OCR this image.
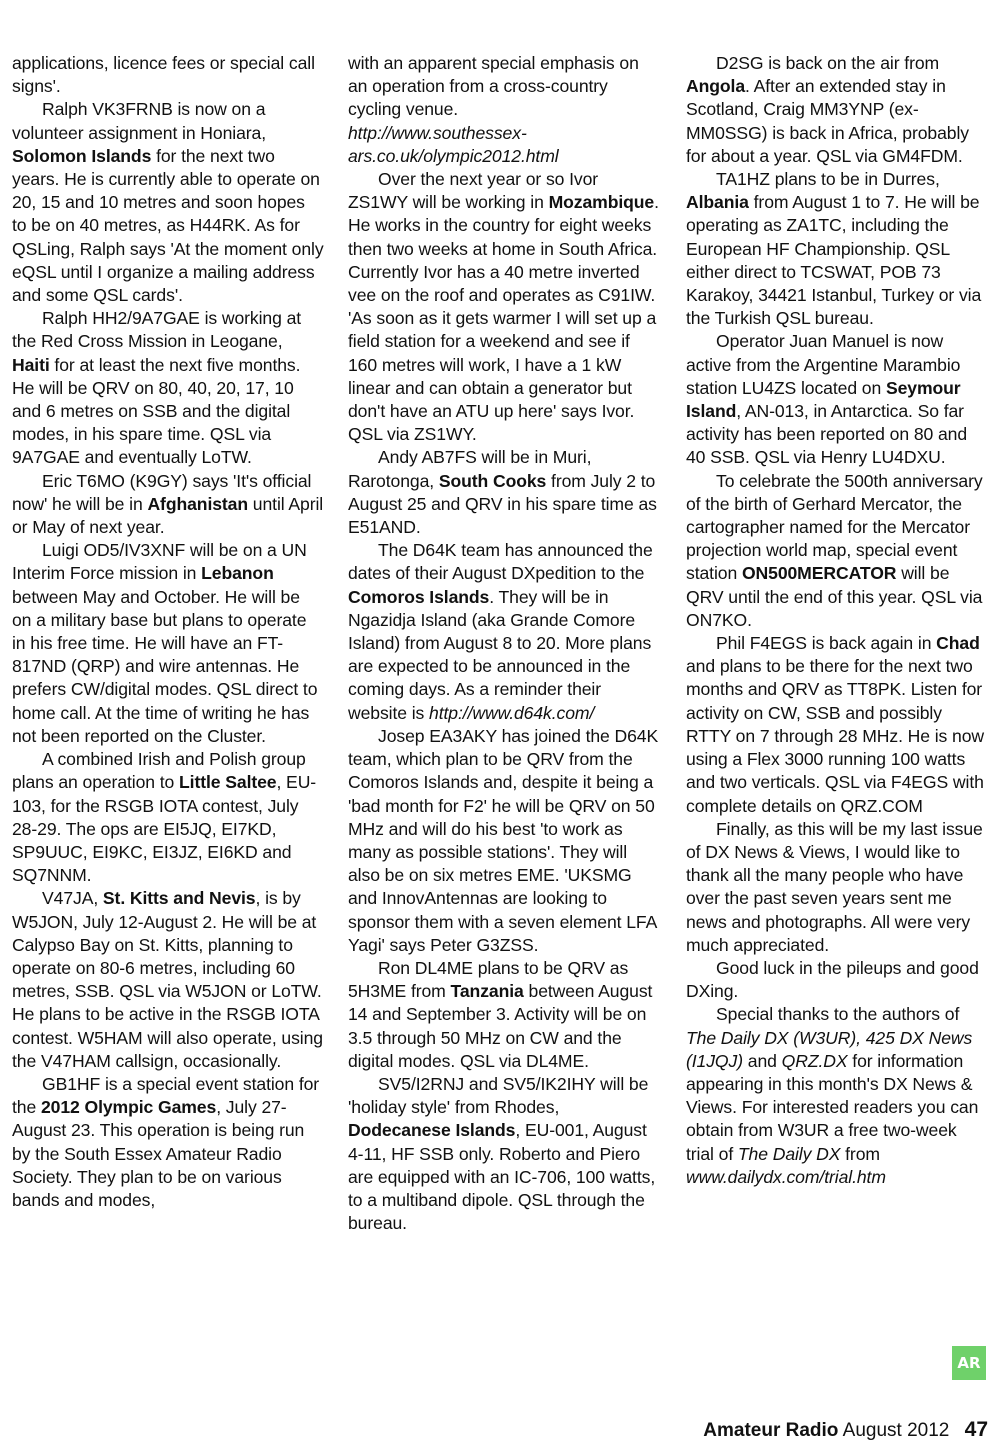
applications, licence fees or special call signs'.

Ralph VK3FRNB is now on a volunteer assignment in Honiara, Solomon Islands for the next two years. He is currently able to operate on 20, 15 and 10 metres and soon hopes to be on 40 metres, as H44RK. As for QSLing, Ralph says 'At the moment only eQSL until I organize a mailing address and some QSL cards'.

Ralph HH2/9A7GAE is working at the Red Cross Mission in Leogane, Haiti for at least the next five months. He will be QRV on 80, 40, 20, 17, 10 and 6 metres on SSB and the digital modes, in his spare time. QSL via 9A7GAE and eventually LoTW.

Eric T6MO (K9GY) says 'It's official now' he will be in Afghanistan until April or May of next year.

Luigi OD5/IV3XNF will be on a UN Interim Force mission in Lebanon between May and October. He will be on a military base but plans to operate in his free time. He will have an FT-817ND (QRP) and wire antennas. He prefers CW/digital modes. QSL direct to home call. At the time of writing he has not been reported on the Cluster.

A combined Irish and Polish group plans an operation to Little Saltee, EU-103, for the RSGB IOTA contest, July 28-29. The ops are EI5JQ, EI7KD, SP9UUC, EI9KC, EI3JZ, EI6KD and SQ7NNM.

V47JA, St. Kitts and Nevis, is by W5JON, July 12-August 2. He will be at Calypso Bay on St. Kitts, planning to operate on 80-6 metres, including 60 metres, SSB. QSL via W5JON or LoTW. He plans to be active in the RSGB IOTA contest. W5HAM will also operate, using the V47HAM callsign, occasionally.

GB1HF is a special event station for the 2012 Olympic Games, July 27- August 23. This operation is being run by the South Essex Amateur Radio Society. They plan to be on various bands and modes,

with an apparent special emphasis on an operation from a cross-country cycling venue.
http://www.southessex-ars.co.uk/olympic2012.html

Over the next year or so Ivor ZS1WY will be working in Mozambique. He works in the country for eight weeks then two weeks at home in South Africa. Currently Ivor has a 40 metre inverted vee on the roof and operates as C91IW. 'As soon as it gets warmer I will set up a field station for a weekend and see if 160 metres will work, I have a 1 kW linear and can obtain a generator but don't have an ATU up here' says Ivor. QSL via ZS1WY.

Andy AB7FS will be in Muri, Rarotonga, South Cooks from July 2 to August 25 and QRV in his spare time as E51AND.

The D64K team has announced the dates of their August DXpedition to the Comoros Islands. They will be in Ngazidja Island (aka Grande Comore Island) from August 8 to 20. More plans are expected to be announced in the coming days. As a reminder their website is http://www.d64k.com/

Josep EA3AKY has joined the D64K team, which plan to be QRV from the Comoros Islands and, despite it being a 'bad month for F2' he will be QRV on 50 MHz and will do his best 'to work as many as possible stations'. They will also be on six metres EME. 'UKSMG and InnovAntennas are looking to sponsor them with a seven element LFA Yagi' says Peter G3ZSS.

Ron DL4ME plans to be QRV as 5H3ME from Tanzania between August 14 and September 3. Activity will be on 3.5 through 50 MHz on CW and the digital modes. QSL via DL4ME.

SV5/I2RNJ and SV5/IK2IHY will be 'holiday style' from Rhodes, Dodecanese Islands, EU-001, August 4-11, HF SSB only. Roberto and Piero are equipped with an IC-706, 100 watts, to a multiband dipole. QSL through the bureau.

D2SG is back on the air from Angola. After an extended stay in Scotland, Craig MM3YNP (ex-MM0SSG) is back in Africa, probably for about a year. QSL via GM4FDM.

TA1HZ plans to be in Durres, Albania from August 1 to 7. He will be operating as ZA1TC, including the European HF Championship. QSL either direct to TCSWAT, POB 73 Karakoy, 34421 Istanbul, Turkey or via the Turkish QSL bureau.

Operator Juan Manuel is now active from the Argentine Marambio station LU4ZS located on Seymour Island, AN-013, in Antarctica. So far activity has been reported on 80 and 40 SSB. QSL via Henry LU4DXU.

To celebrate the 500th anniversary of the birth of Gerhard Mercator, the cartographer named for the Mercator projection world map, special event station ON500MERCATOR will be QRV until the end of this year. QSL via ON7KO.

Phil F4EGS is back again in Chad and plans to be there for the next two months and QRV as TT8PK. Listen for activity on CW, SSB and possibly RTTY on 7 through 28 MHz. He is now using a Flex 3000 running 100 watts and two verticals. QSL via F4EGS with complete details on QRZ.COM

Finally, as this will be my last issue of DX News & Views, I would like to thank all the many people who have over the past seven years sent me news and photographs. All were very much appreciated.

Good luck in the pileups and good DXing.

Special thanks to the authors of The Daily DX (W3UR), 425 DX News (I1JQJ) and QRZ.DX for information appearing in this month's DX News & Views. For interested readers you can obtain from W3UR a free two-week trial of The Daily DX from www.dailydx.com/trial.htm

AR
Amateur Radio August 2012 47
